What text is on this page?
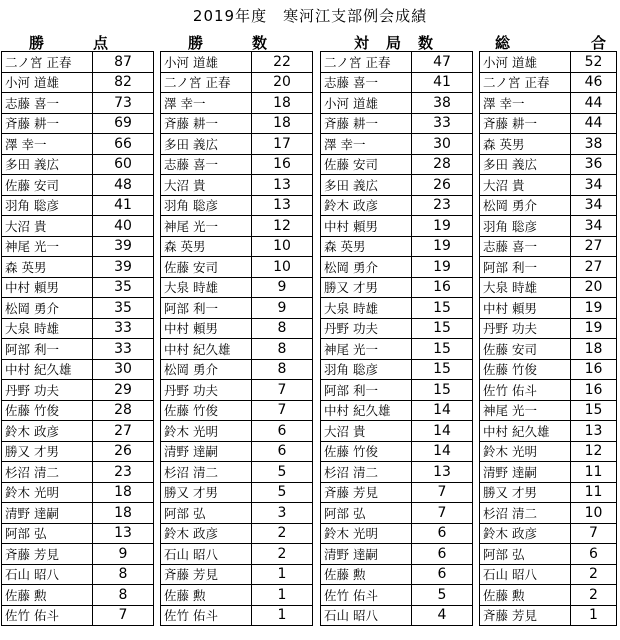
2019年度　寒河江支部例会成績
勝	点
二ノ宮 正春	87
小河 道雄	82
志藤 喜一	73
斉藤 耕一	69
澤 幸一	66
多田 義広	60
佐藤 安司	48
羽角 聡彦	41
大沼 貴	40
神尾 光一	39
森 英男	39
中村 頼男	35
松岡 勇介	35
大泉 時雄	33
阿部 利一	33
中村 紀久雄	30
丹野 功夫	29
佐藤 竹俊	28
鈴木 政彦	27
勝又 才男	26
杉沼 清二	23
鈴木 光明	18
清野 達嗣	18
阿部 弘	13
斉藤 芳見	9
石山 昭八	8
佐藤 勲	8
佐竹 佑斗	7
勝	数
小河 道雄	22
二ノ宮 正春	20
澤 幸一	18
斉藤 耕一	18
多田 義広	17
志藤 喜一	16
大沼 貴	13
羽角 聡彦	13
神尾 光一	12
森 英男	10
佐藤 安司	10
大泉 時雄	9
阿部 利一	9
中村 頼男	8
中村 紀久雄	8
松岡 勇介	8
丹野 功夫	7
佐藤 竹俊	7
鈴木 光明	6
清野 達嗣	6
杉沼 清二	5
勝又 才男	5
阿部 弘	3
鈴木 政彦	2
石山 昭八	2
斉藤 芳見	1
佐藤 勲	1
佐竹 佑斗	1
対 局 数
二ノ宮 正春	47
志藤 喜一	41
小河 道雄	38
斉藤 耕一	33
澤 幸一	30
佐藤 安司	28
多田 義広	26
鈴木 政彦	23
中村 頼男	19
森 英男	19
松岡 勇介	19
勝又 才男	16
大泉 時雄	15
丹野 功夫	15
神尾 光一	15
羽角 聡彦	15
阿部 利一	15
中村 紀久雄	14
大沼 貴	14
佐藤 竹俊	14
杉沼 清二	13
斉藤 芳見	7
阿部 弘	7
鈴木 光明	6
清野 達嗣	6
佐藤 勲	6
佐竹 佑斗	5
石山 昭八	4
総	合
小河 道雄	52
二ノ宮 正春	46
澤 幸一	44
斉藤 耕一	44
森 英男	38
多田 義広	36
大沼 貴	34
松岡 勇介	34
羽角 聡彦	34
志藤 喜一	27
阿部 利一	27
大泉 時雄	20
中村 頼男	19
丹野 功夫	19
佐藤 安司	18
佐藤 竹俊	16
佐竹 佑斗	16
神尾 光一	15
中村 紀久雄	13
鈴木 光明	12
清野 達嗣	11
勝又 才男	11
杉沼 清二	10
鈴木 政彦	7
阿部 弘	6
石山 昭八	2
佐藤 勲	2
斉藤 芳見	1
